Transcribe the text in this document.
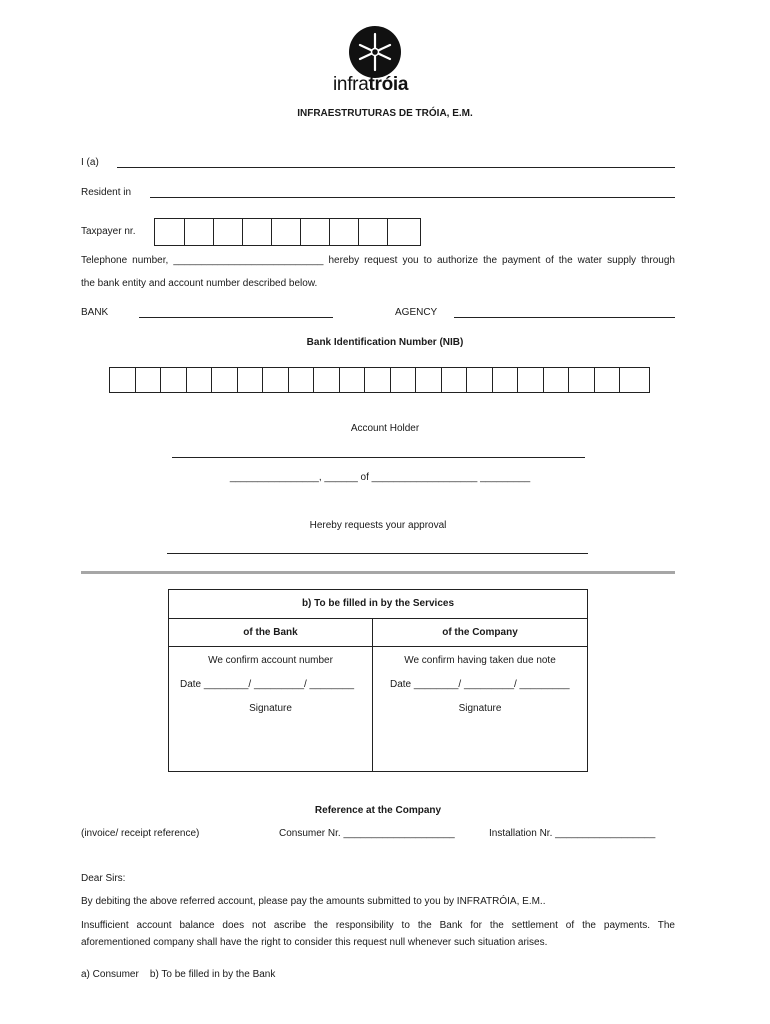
infratróia
INFRAESTRUTURAS DE TRÓIA, E.M.
I (a)
Resident in
Taxpayer nr.
Telephone number, ___________________________ hereby request you to authorize the payment of the water supply through
the bank entity and account number described below.
BANK	AGENCY
Bank Identification Number (NIB)
Account Holder
________________, ______ of ___________________ _________
Hereby requests your approval
b) To be filled in by the Services
of the Bank	of the Company
We confirm account number	We confirm having taken due note
Date ________/ _________/ ________	Date ________/ _________/ _________
Signature	Signature
Reference at the Company
(invoice/ receipt reference)	Consumer Nr. ____________________	Installation Nr. __________________
Dear Sirs:
By debiting the above referred account, please pay the amounts submitted to you by INFRATRÓIA, E.M..
Insufficient account balance does not ascribe the responsibility to the Bank for the settlement of the payments. The
aforementioned company shall have the right to consider this request null whenever such situation arises.
a) Consumer    b) To be filled in by the Bank
